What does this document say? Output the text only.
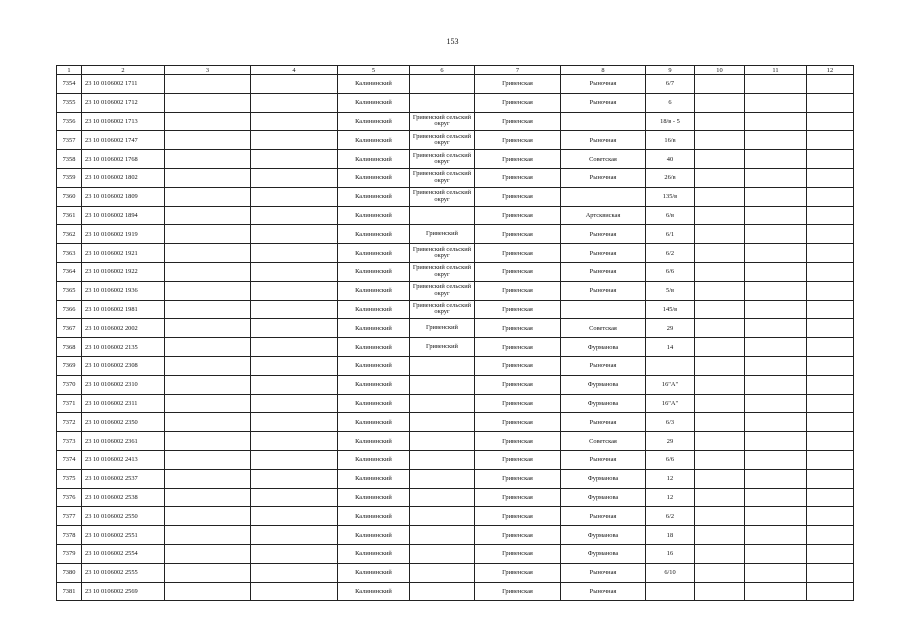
153
1	2	3	4	5	6	7	8	9	10	11	12
7354	23 10 0106002 1711			Калининский		Гривенская	Рыночная	6/7			
7355	23 10 0106002 1712			Калининский		Гривенская	Рыночная	6			
7356	23 10 0106002 1713			Калининский	Гривенский сельский округ	Гривенская		18/в - 5			
7357	23 10 0106002 1747			Калининский	Гривенский сельский округ	Гривенская	Рыночная	16/в			
7358	23 10 0106002 1768			Калининский	Гривенский сельский округ	Гривенская	Советская	40			
7359	23 10 0106002 1802			Калининский	Гривенский сельский округ	Гривенская	Рыночная	26/в			
7360	23 10 0106002 1809			Калининский	Гривенский сельский округ	Гривенская		135/в			
7361	23 10 0106002 1894			Калининский		Гривенская	Артсквиская	6/в			
7362	23 10 0106002 1919			Калининский	Гривенский	Гривенская	Рыночная	6/1			
7363	23 10 0106002 1921			Калининский	Гривенский сельский округ	Гривенская	Рыночная	6/2			
7364	23 10 0106002 1922			Калининский	Гривенский сельский округ	Гривенская	Рыночная	6/6			
7365	23 10 0106002 1936			Калининский	Гривенский сельский округ	Гривенская	Рыночная	5/в			
7366	23 10 0106002 1981			Калининский	Гривенский сельский округ	Гривенская		145/в			
7367	23 10 0106002 2002			Калининский	Гривенский	Гривенская	Советская	29			
7368	23 10 0106002 2135			Калининский	Гривенский	Гривенская	Фурманова	14			
7369	23 10 0106002 2308			Калининский		Гривенская	Рыночная				
7370	23 10 0106002 2310			Калининский		Гривенская	Фурманова	16"А"			
7371	23 10 0106002 2311			Калининский		Гривенская	Фурманова	16"А"			
7372	23 10 0106002 2350			Калининский		Гривенская	Рыночная	6/3			
7373	23 10 0106002 2361			Калининский		Гривенская	Советская	29			
7374	23 10 0106002 2413			Калининский		Гривенская	Рыночная	6/6			
7375	23 10 0106002 2537			Калининский		Гривенская	Фурманова	12			
7376	23 10 0106002 2538			Калининский		Гривенская	Фурманова	12			
7377	23 10 0106002 2550			Калининский		Гривенская	Рыночная	6/2			
7378	23 10 0106002 2551			Калининский		Гривенская	Фурманова	18			
7379	23 10 0106002 2554			Калининский		Гривенская	Фурманова	16			
7380	23 10 0106002 2555			Калининский		Гривенская	Рыночная	6/10			
7381	23 10 0106002 2569			Калининский		Гривенская	Рыночная				
